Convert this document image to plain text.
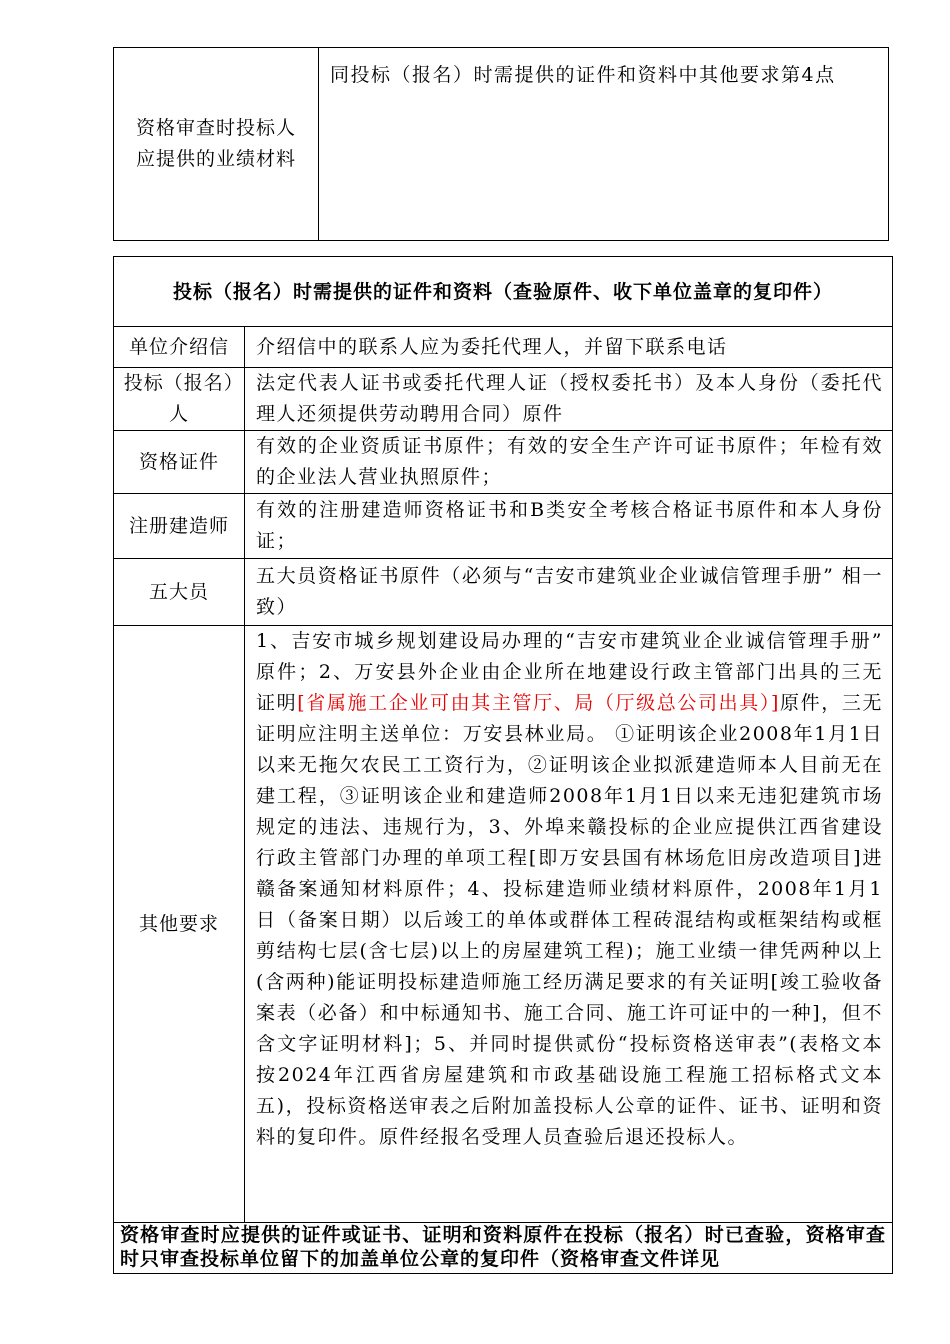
资格审查时投标人应提供的业绩材料	同投标（报名）时需提供的证件和资料中其他要求第4点
投标（报名）时需提供的证件和资料（查验原件、收下单位盖章的复印件）	
单位介绍信	介绍信中的联系人应为委托代理人，并留下联系电话
投标（报名）人	法定代表人证书或委托代理人证（授权委托书）及本人身份（委托代理人还须提供劳动聘用合同）原件
资格证件	有效的企业资质证书原件；有效的安全生产许可证书原件；年检有效的企业法人营业执照原件；
注册建造师	有效的注册建造师资格证书和B类安全考核合格证书原件和本人身份证；
五大员	五大员资格证书原件（必须与“吉安市建筑业企业诚信管理手册” 相一致）
其他要求	1、吉安市城乡规划建设局办理的“吉安市建筑业企业诚信管理手册” 原件；2、万安县外企业由企业所在地建设行政主管部门出具的三无证明[省属施工企业可由其主管厅、局（厅级总公司出具）]原件，三无证明应注明主送单位：万安县林业局。 ①证明该企业2008年1月1日以来无拖欠农民工工资行为，②证明该企业拟派建造师本人目前无在建工程，③证明该企业和建造师2008年1月1日以来无违犯建筑市场规定的违法、违规行为，3、外埠来赣投标的企业应提供江西省建设行政主管部门办理的单项工程[即万安县国有林场危旧房改造项目]进赣备案通知材料原件；4、投标建造师业绩材料原件，2008年1月1日（备案日期）以后竣工的单体或群体工程砖混结构或框架结构或框剪结构七层(含七层)以上的房屋建筑工程)；施工业绩一律凭两种以上(含两种)能证明投标建造师施工经历满足要求的有关证明[竣工验收备案表（必备）和中标通知书、施工合同、施工许可证中的一种]，但不含文字证明材料]；5、并同时提供贰份“投标资格送审表”(表格文本按2024年江西省房屋建筑和市政基础设施工程施工招标格式文本五)，投标资格送审表之后附加盖投标人公章的证件、证书、证明和资料的复印件。原件经报名受理人员查验后退还投标人。

资格审查时应提供的证件或证书、证明和资料原件在投标（报名）时已查验，资格审查时只审查投标单位留下的加盖单位公章的复印件（资格审查文件详见	
